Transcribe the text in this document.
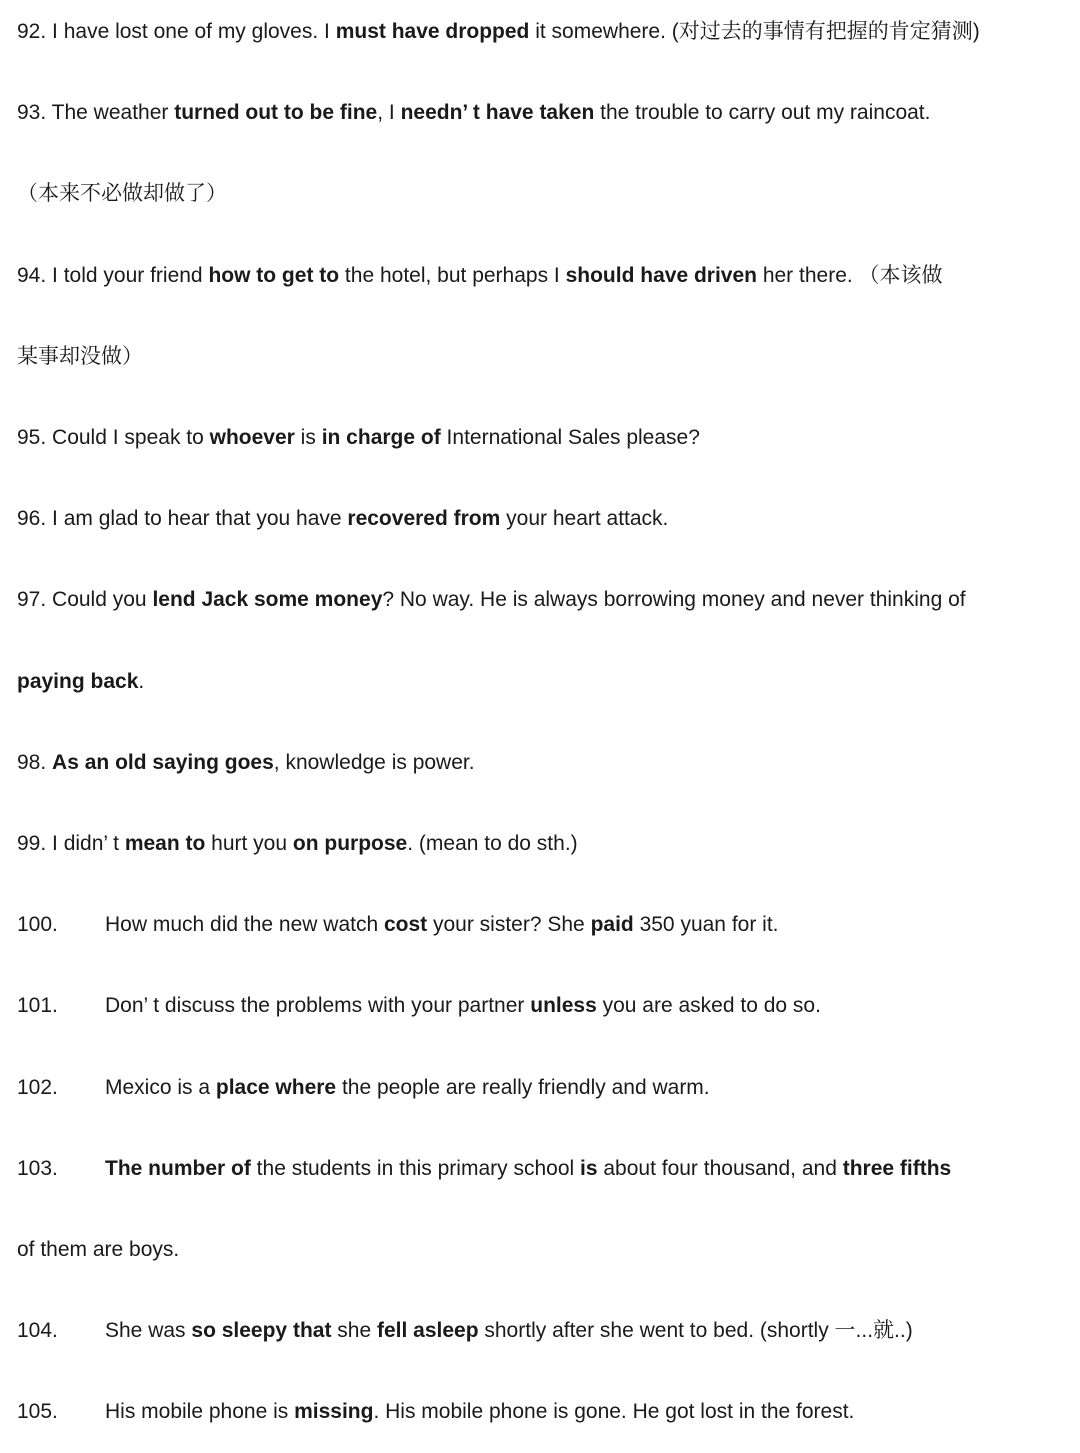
92. I have lost one of my gloves. I must have dropped it somewhere. (对过去的事情有把握的肯定猜测)
93. The weather turned out to be fine, I needn’ t have taken the trouble to carry out my raincoat.
（本来不必做却做了）
94. I told your friend how to get to the hotel, but perhaps I should have driven her there. （本该做
某事却没做）
95. Could I speak to whoever is in charge of International Sales please?
96. I am glad to hear that you have recovered from your heart attack.
97. Could you lend Jack some money? No way. He is always borrowing money and never thinking of
paying back.
98. As an old saying goes, knowledge is power.
99. I didn’ t mean to hurt you on purpose. (mean to do sth.)
100. How much did the new watch cost your sister? She paid 350 yuan for it.
101. Don’ t discuss the problems with your partner unless you are asked to do so.
102. Mexico is a place where the people are really friendly and warm.
103. The number of the students in this primary school is about four thousand, and three fifths
of them are boys.
104. She was so sleepy that she fell asleep shortly after she went to bed. (shortly 一...就..)
105. His mobile phone is missing. His mobile phone is gone. He got lost in the forest.
